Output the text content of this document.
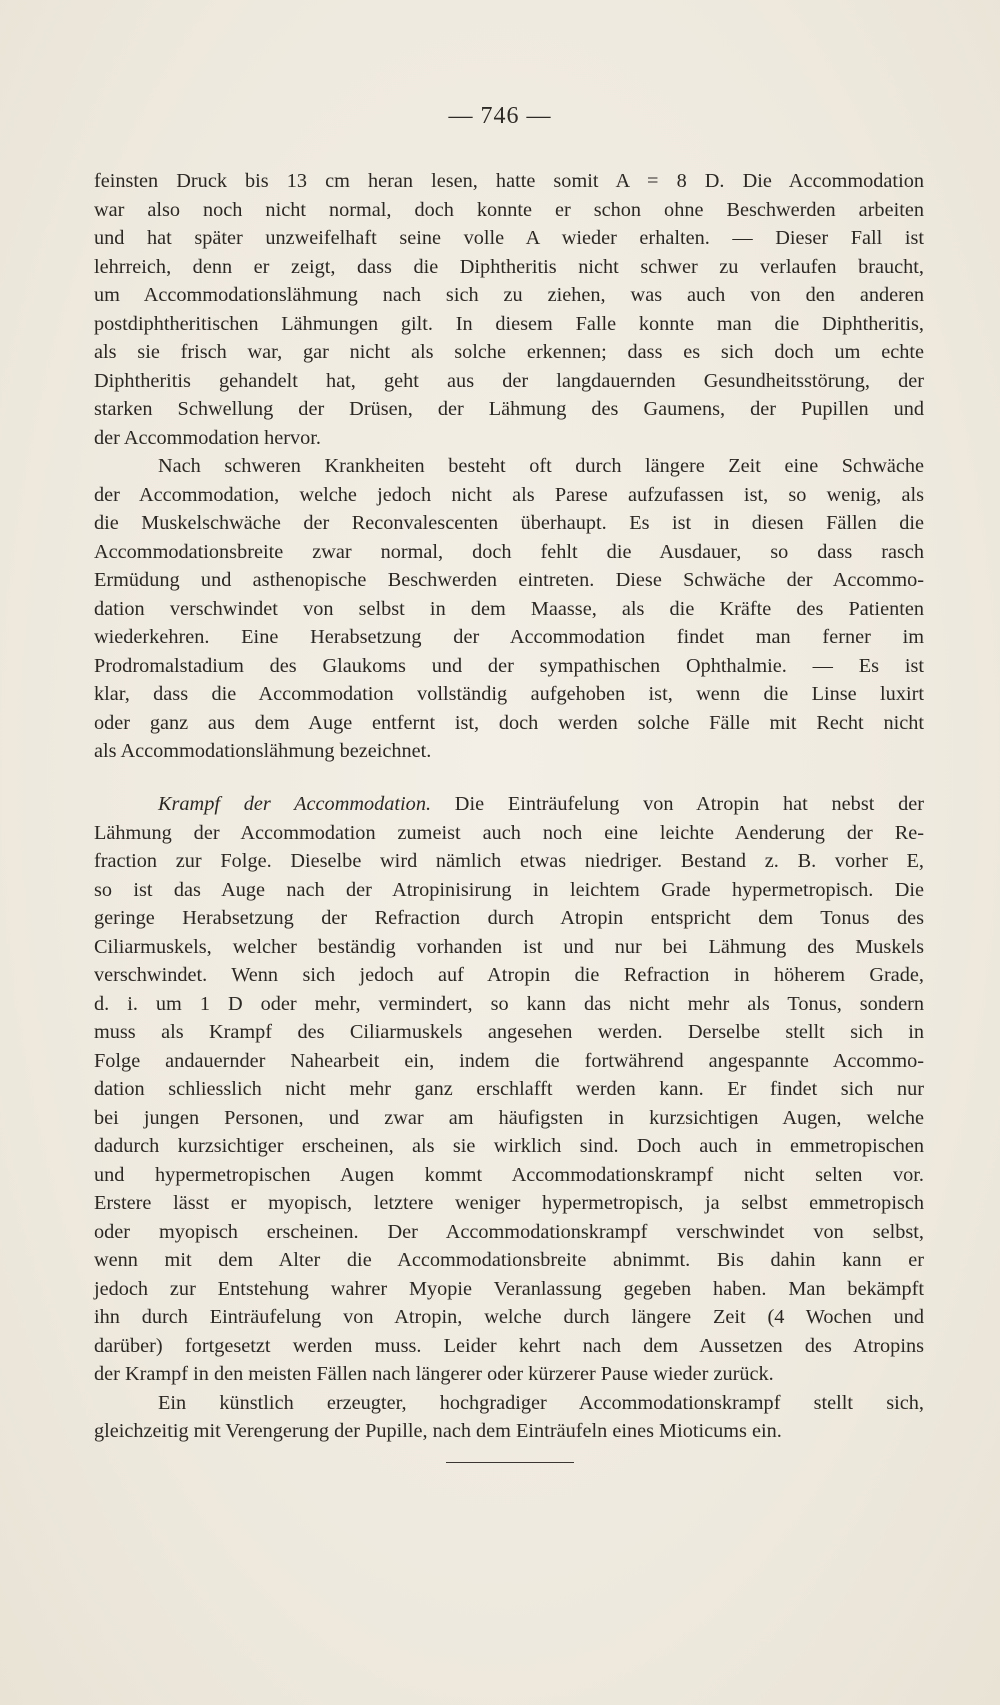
— 746 —
feinsten Druck bis 13 cm heran lesen, hatte somit A = 8 D. Die Accommodation
war also noch nicht normal, doch konnte er schon ohne Beschwerden arbeiten
und hat später unzweifelhaft seine volle A wieder erhalten. — Dieser Fall ist
lehrreich, denn er zeigt, dass die Diphtheritis nicht schwer zu verlaufen braucht,
um Accommodationslähmung nach sich zu ziehen, was auch von den anderen
postdiphtheritischen Lähmungen gilt. In diesem Falle konnte man die Diphtheritis,
als sie frisch war, gar nicht als solche erkennen; dass es sich doch um echte
Diphtheritis gehandelt hat, geht aus der langdauernden Gesundheitsstörung, der
starken Schwellung der Drüsen, der Lähmung des Gaumens, der Pupillen und
der Accommodation hervor.
Nach schweren Krankheiten besteht oft durch längere Zeit eine Schwäche
der Accommodation, welche jedoch nicht als Parese aufzufassen ist, so wenig, als
die Muskelschwäche der Reconvalescenten überhaupt. Es ist in diesen Fällen die
Accommodationsbreite zwar normal, doch fehlt die Ausdauer, so dass rasch
Ermüdung und asthenopische Beschwerden eintreten. Diese Schwäche der Accommo-
dation verschwindet von selbst in dem Maasse, als die Kräfte des Patienten
wiederkehren. Eine Herabsetzung der Accommodation findet man ferner im
Prodromalstadium des Glaukoms und der sympathischen Ophthalmie. — Es ist
klar, dass die Accommodation vollständig aufgehoben ist, wenn die Linse luxirt
oder ganz aus dem Auge entfernt ist, doch werden solche Fälle mit Recht nicht
als Accommodationslähmung bezeichnet.
Krampf der Accommodation. Die Einträufelung von Atropin hat nebst der
Lähmung der Accommodation zumeist auch noch eine leichte Aenderung der Re-
fraction zur Folge. Dieselbe wird nämlich etwas niedriger. Bestand z. B. vorher E,
so ist das Auge nach der Atropinisirung in leichtem Grade hypermetropisch. Die
geringe Herabsetzung der Refraction durch Atropin entspricht dem Tonus des
Ciliarmuskels, welcher beständig vorhanden ist und nur bei Lähmung des Muskels
verschwindet. Wenn sich jedoch auf Atropin die Refraction in höherem Grade,
d. i. um 1 D oder mehr, vermindert, so kann das nicht mehr als Tonus, sondern
muss als Krampf des Ciliarmuskels angesehen werden. Derselbe stellt sich in
Folge andauernder Nahearbeit ein, indem die fortwährend angespannte Accommo-
dation schliesslich nicht mehr ganz erschlafft werden kann. Er findet sich nur
bei jungen Personen, und zwar am häufigsten in kurzsichtigen Augen, welche
dadurch kurzsichtiger erscheinen, als sie wirklich sind. Doch auch in emmetropischen
und hypermetropischen Augen kommt Accommodationskrampf nicht selten vor.
Erstere lässt er myopisch, letztere weniger hypermetropisch, ja selbst emmetropisch
oder myopisch erscheinen. Der Accommodationskrampf verschwindet von selbst,
wenn mit dem Alter die Accommodationsbreite abnimmt. Bis dahin kann er
jedoch zur Entstehung wahrer Myopie Veranlassung gegeben haben. Man bekämpft
ihn durch Einträufelung von Atropin, welche durch längere Zeit (4 Wochen und
darüber) fortgesetzt werden muss. Leider kehrt nach dem Aussetzen des Atropins
der Krampf in den meisten Fällen nach längerer oder kürzerer Pause wieder zurück.
Ein künstlich erzeugter, hochgradiger Accommodationskrampf stellt sich,
gleichzeitig mit Verengerung der Pupille, nach dem Einträufeln eines Mioticums ein.
